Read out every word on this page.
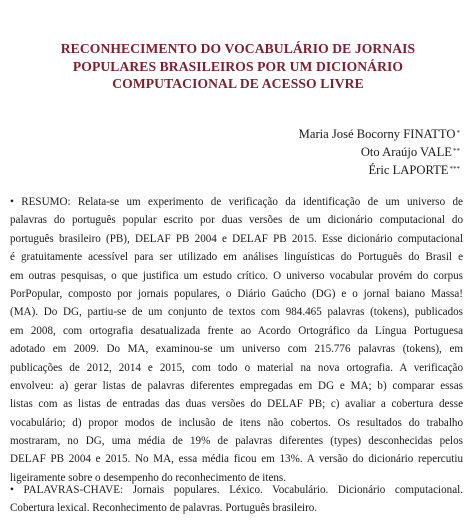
RECONHECIMENTO DO VOCABULÁRIO DE JORNAIS
POPULARES BRASILEIROS POR UM DICIONÁRIO
COMPUTACIONAL DE ACESSO LIVRE
Maria José Bocorny FINATTO*
Oto Araújo VALE**
Éric LAPORTE***
• RESUMO: Relata-se um experimento de verificação da identificação de um universo de
palavras do português popular escrito por duas versões de um dicionário computacional do
português brasileiro (PB), DELAF PB 2004 e DELAF PB 2015. Esse dicionário computacional
é gratuitamente acessível para ser utilizado em análises linguísticas do Português do Brasil e
em outras pesquisas, o que justifica um estudo crítico. O universo vocabular provém do corpus
PorPopular, composto por jornais populares, o Diário Gaúcho (DG) e o jornal baiano Massa!
(MA). Do DG, partiu-se de um conjunto de textos com 984.465 palavras (tokens), publicados
em 2008, com ortografia desatualizada frente ao Acordo Ortográfico da Língua Portuguesa
adotado em 2009. Do MA, examinou-se um universo com 215.776 palavras (tokens), em
publicações de 2012, 2014 e 2015, com todo o material na nova ortografia. A verificação
envolveu: a) gerar listas de palavras diferentes empregadas em DG e MA; b) comparar essas
listas com as listas de entradas das duas versões do DELAF PB; c) avaliar a cobertura desse
vocabulário; d) propor modos de inclusão de itens não cobertos. Os resultados do trabalho
mostraram, no DG, uma média de 19% de palavras diferentes (types) desconhecidas pelos
DELAF PB 2004 e 2015. No MA, essa média ficou em 13%. A versão do dicionário repercutiu
ligeiramente sobre o desempenho do reconhecimento de itens.
• PALAVRAS-CHAVE: Jornais populares. Léxico. Vocabulário. Dicionário computacional.
Cobertura lexical. Reconhecimento de palavras. Português brasileiro.
